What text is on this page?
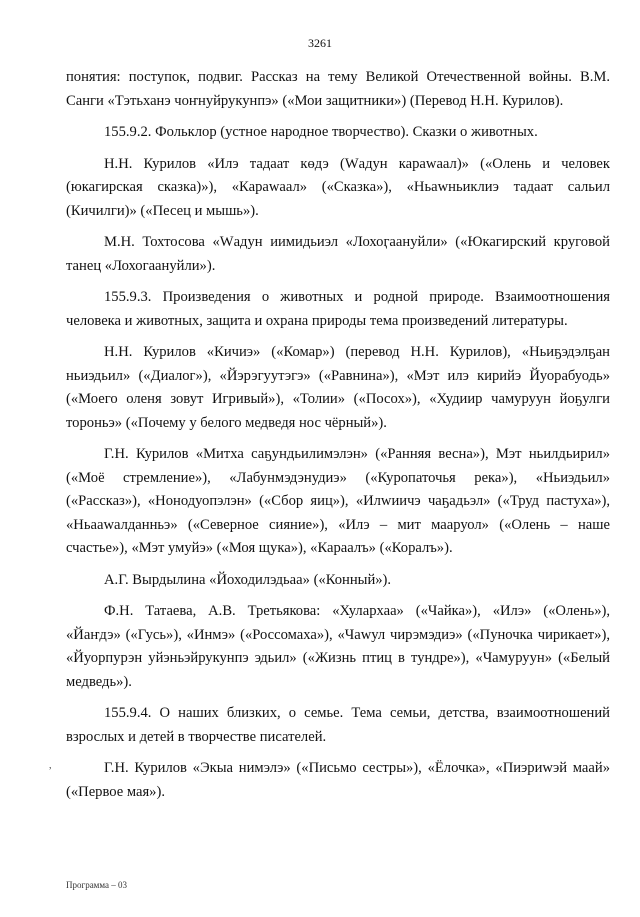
3261

понятия: поступок, подвиг. Рассказ на тему Великой Отечественной войны. В.М. Санги «Тэтьханэ чоҥнуйрукунпэ» («Мои защитники») (Перевод Н.Н. Курилов).

155.9.2. Фольклор (устное народное творчество). Сказки о животных.

Н.Н. Курилов «Илэ тадаат көдэ (Wадун карawаал)» («Олень и человек (юкагирская сказка)»), «Карawаал» («Сказка»), «Ньawньиклиэ тадаат сальил (Кичилги)» («Песец и мышь»).

М.Н. Тохтосова «Wадун иимидьиэл «Лохоӷаануйли» («Юкагирский круговой танец «Лохогаануйли»).

155.9.3. Произведения о животных и родной природе. Взаимоотношения человека и животных, защита и охрана природы тема произведений литературы.

Н.Н. Курилов «Кичиэ» («Комар») (перевод Н.Н. Курилов), «Ньиҕэдэлҕан ньиэдьил» («Диалог»), «Йэрэгуутэгэ» («Равнина»), «Мэт илэ кирийэ Йуорабуодь» («Моего оленя зовут Игривый»), «Толии» («Посох»), «Худиир чамуруун йоҕулги тороньэ» («Почему у белого медведя нос чёрный»).

Г.Н. Курилов «Митха саҕундьилимэлэн» («Ранняя весна»), Мэт ньилдьирил» («Моё стремление»), «Лабунмэдэнудиэ» («Куропаточья река»), «Ньиэдьил» («Рассказ»), «Нонодуопэлэн» («Сбор яиц»), «Илwиичэ чаҕадьэл» («Труд пастуха»), «Ньаawалданньэ» («Северное сияние»), «Илэ – мит мааруол» («Олень – наше счастье»), «Мэт умуйэ» («Моя щука»), «Караалъ» («Коралъ»).

А.Г. Вырдылина «Йоходилэдьаа» («Конный»).

Ф.Н. Татаева, А.В. Третьякова: «Хулархаа» («Чайка»), «Илэ» («Олень»), «Йаҥдэ» («Гусь»), «Инмэ» («Россомаха»), «Чаwул чирэмэдиэ» («Пуночка чирикает»), «Йуорпурэн уйэньэйрукунпэ эдьил» («Жизнь птиц в тундре»), «Чамуруун» («Белый медведь»).

155.9.4. О наших близких, о семье. Тема семьи, детства, взаимоотношений взрослых и детей в творчестве писателей.

Г.Н. Курилов «Экыа нимэлэ» («Письмо сестры»), «Ёлочка», «Пиэриwэй маай» («Первое мая»).

,
Программа – 03
